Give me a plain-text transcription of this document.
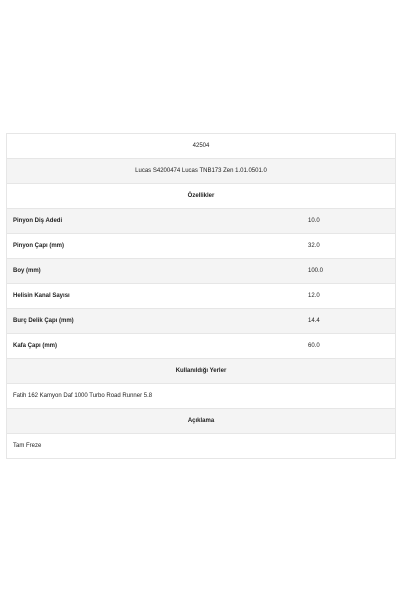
42504
Lucas S4200474 Lucas TNB173 Zen 1.01.0501.0
Özellikler
Pinyon Diş Adedi	10.0
Pinyon Çapı (mm)	32.0
Boy (mm)	100.0
Helisin Kanal Sayısı	12.0
Burç Delik Çapı (mm)	14.4
Kafa Çapı (mm)	60.0
Kullanıldığı Yerler
Fatih 162 Kamyon Daf 1000 Turbo Road Runner 5.8
Açıklama
Tam Freze
